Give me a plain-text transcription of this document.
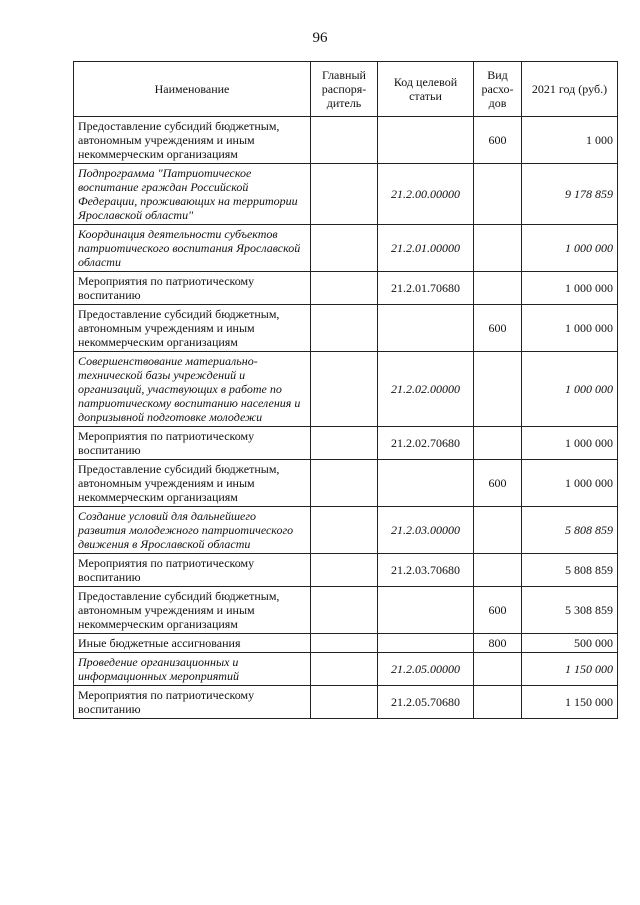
96
Наименование	Главный распоря-дитель	Код целевой статьи	Вид расхо-дов	2021 год (руб.)
Предоставление субсидий бюджетным, автономным учреждениям и иным некоммерческим организациям			600	1 000
Подпрограмма "Патриотическое воспитание граждан Российской Федерации, проживающих на территории Ярославской области"		21.2.00.00000		9 178 859
Координация деятельности субъектов патриотического воспитания Ярославской области		21.2.01.00000		1 000 000
Мероприятия по патриотическому воспитанию		21.2.01.70680		1 000 000
Предоставление субсидий бюджетным, автономным учреждениям и иным некоммерческим организациям			600	1 000 000
Совершенствование материально-технической базы учреждений и организаций, участвующих в работе по патриотическому воспитанию населения и допризывной подготовке молодежи		21.2.02.00000		1 000 000
Мероприятия по патриотическому воспитанию		21.2.02.70680		1 000 000
Предоставление субсидий бюджетным, автономным учреждениям и иным некоммерческим организациям			600	1 000 000
Создание условий для дальнейшего развития молодежного патриотического движения в Ярославской области		21.2.03.00000		5 808 859
Мероприятия по патриотическому воспитанию		21.2.03.70680		5 808 859
Предоставление субсидий бюджетным, автономным учреждениям и иным некоммерческим организациям			600	5 308 859
Иные бюджетные ассигнования			800	500 000
Проведение организационных и информационных мероприятий		21.2.05.00000		1 150 000
Мероприятия по патриотическому воспитанию		21.2.05.70680		1 150 000
